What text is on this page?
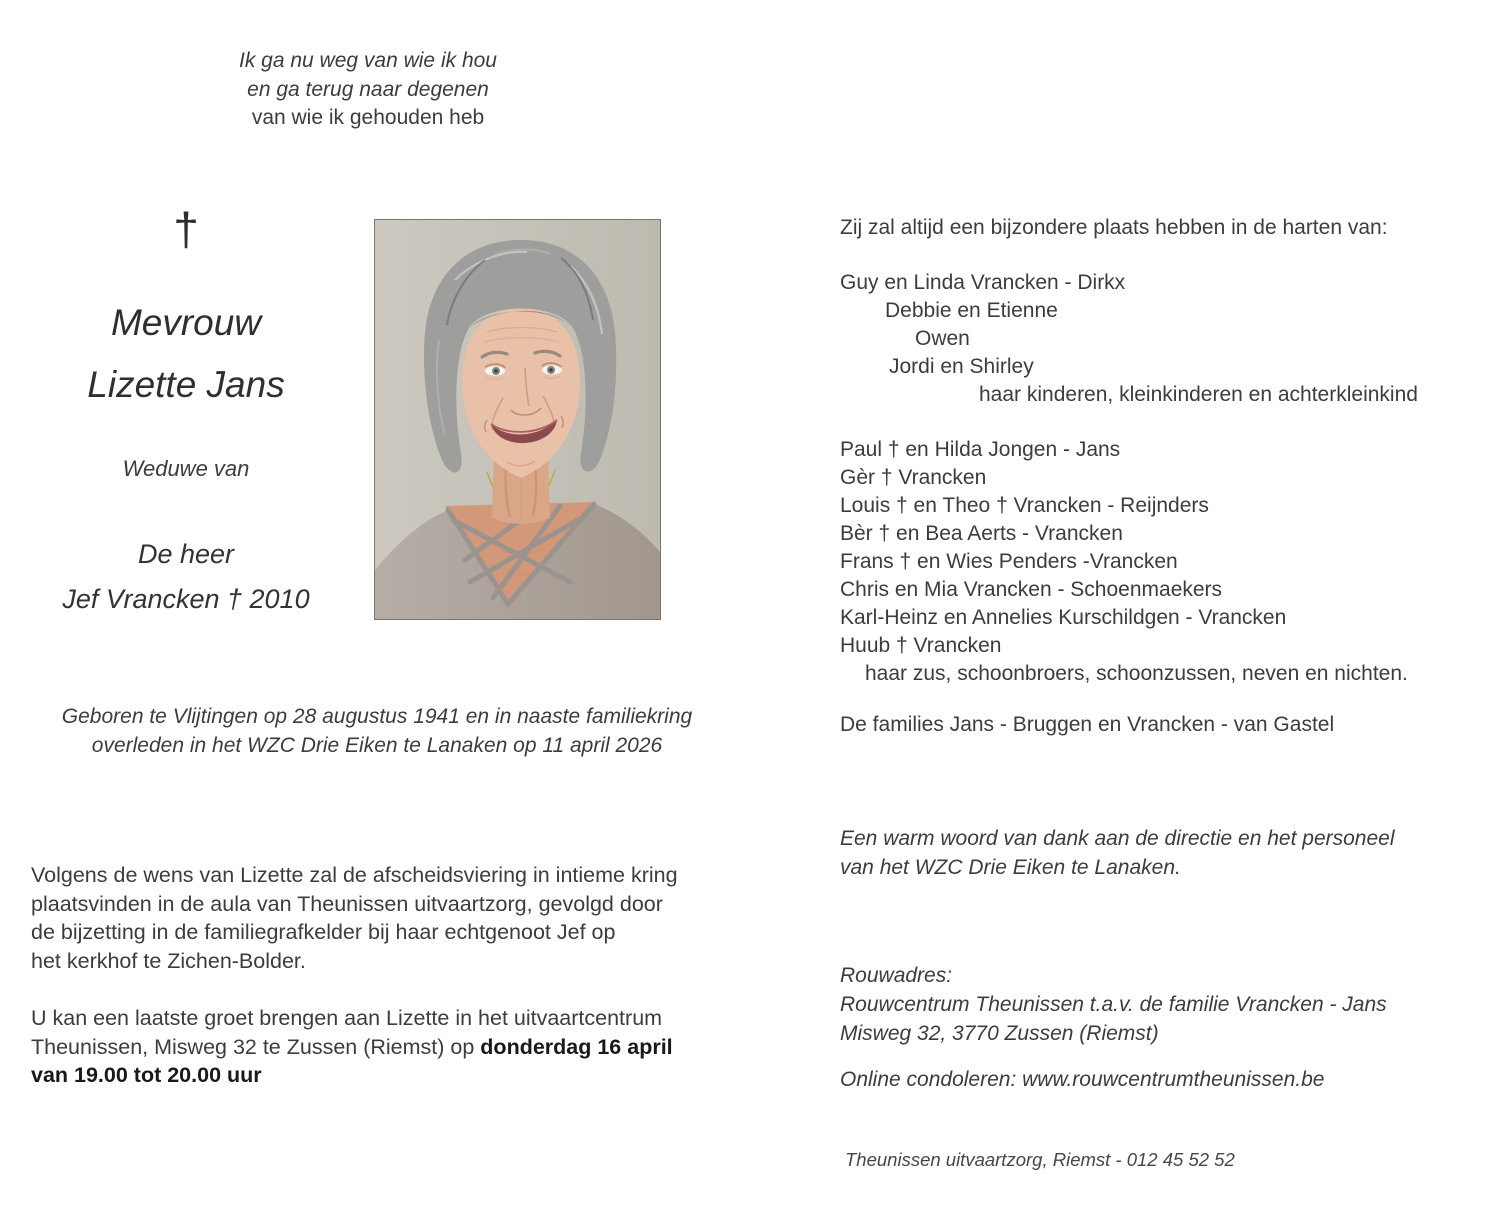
Ik ga nu weg van wie ik hou
en ga terug naar degenen
van wie ik gehouden heb
†
Mevrouw
Lizette Jans
Weduwe van
De heer
Jef Vrancken † 2010
Geboren te Vlijtingen op 28 augustus 1941 en in naaste familiekring
overleden in het WZC Drie Eiken te Lanaken op 11 april 2026
Volgens de wens van Lizette zal de afscheidsviering in intieme kring
plaatsvinden in de aula van Theunissen uitvaartzorg, gevolgd door
de bijzetting in de familiegrafkelder bij haar echtgenoot Jef op
het kerkhof te Zichen-Bolder.
U kan een laatste groet brengen aan Lizette in het uitvaartcentrum
Theunissen, Misweg 32 te Zussen (Riemst) op donderdag 16 april
van 19.00 tot 20.00 uur
Zij zal altijd een bijzondere plaats hebben in de harten van:
Guy en Linda Vrancken - Dirkx
Debbie en Etienne
Owen
Jordi en Shirley
haar kinderen, kleinkinderen en achterkleinkind
Paul † en Hilda Jongen - Jans
Gèr † Vrancken
Louis † en Theo † Vrancken - Reijnders
Bèr † en Bea Aerts - Vrancken
Frans † en Wies Penders -Vrancken
Chris en Mia Vrancken - Schoenmaekers
Karl-Heinz en Annelies Kurschildgen - Vrancken
Huub † Vrancken
haar zus, schoonbroers, schoonzussen, neven en nichten.
De families Jans - Bruggen en Vrancken - van Gastel
Een warm woord van dank aan de directie en het personeel
van het WZC Drie Eiken te Lanaken.
Rouwadres:
Rouwcentrum Theunissen t.a.v. de familie Vrancken - Jans
Misweg 32, 3770 Zussen (Riemst)
Online condoleren: www.rouwcentrumtheunissen.be
Theunissen uitvaartzorg, Riemst - 012 45 52 52
